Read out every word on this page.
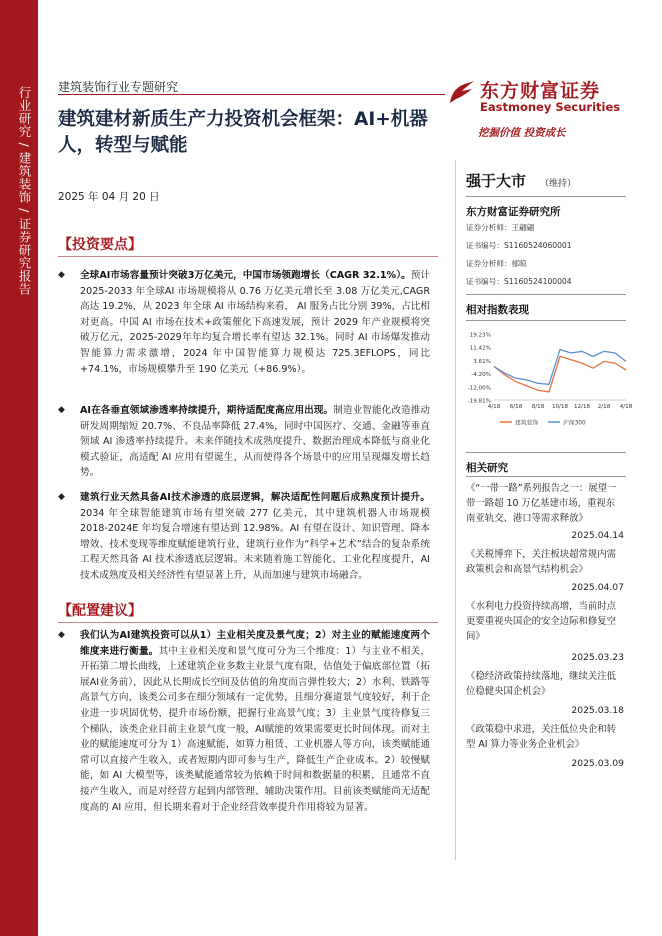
行业研究 / 建筑装饰 / 证券研究报告 建筑装饰行业专题研究	东方财富证券
Eastmoney Securities
挖掘价值 投资成长
建筑建材新质生产力投资机会框架：AI+机器人，转型与赋能
2025 年 04 月 20 日
【投资要点】
◆ 全球AI市场容量预计突破3万亿美元，中国市场领跑增长（CAGR 32.1%）。预计 2025-2033 年全球AI 市场规模将从 0.76 万亿美元增长至 3.08 万亿美元,CAGR 高达 19.2%，从 2023 年全球 AI 市场结构来看， AI 服务占比分别 39%，占比相对更高。中国 AI 市场在技术+政策催化下高速发展，预计 2029 年产业规模将突破万亿元，2025-2029年年均复合增长率有望达 32.1%。同时 AI 市场爆发推动智能算力需求激增，2024 年中国智能算力规模达 725.3EFLOPS，同比+74.1%，市场规模攀升至 190 亿美元（+86.9%）。
◆ AI在各垂直领域渗透率持续提升，期待适配度高应用出现。制造业智能化改造推动研发周期缩短 20.7%、不良品率降低 27.4%，同时中国医疗、交通、金融等垂直领域 AI 渗透率持续提升。未来伴随技术成熟度提升、数据治理成本降低与商业化模式验证，高适配 AI 应用有望诞生，从而使得各个场景中的应用呈现爆发增长趋势。
◆ 建筑行业天然具备AI技术渗透的底层逻辑，解决适配性问题后成熟度预计提升。2034 年全球智能建筑市场有望突破 277 亿美元，其中建筑机器人市场规模 2018-2024E 年均复合增速有望达到 12.98%。AI 有望在设计、知识管理、降本增效、技术变现等维度赋能建筑行业，建筑行业作为“科学+艺术”结合的复杂系统工程天然具备 AI 技术渗透底层逻辑。未来随着施工智能化、工业化程度提升，AI 技术成熟度及相关经济性有望显著上升，从而加速与建筑市场融合。
【配置建议】
◆ 我们认为AI建筑投资可以从1）主业相关度及景气度；2）对主业的赋能速度两个维度来进行衡量。其中主业相关度和景气度可分为三个维度：1）与主业不相关，开拓第二增长曲线，上述建筑企业多数主业景气度有限，估值处于偏底部位置（拓展AI业务前），因此从长期成长空间及估值的角度而言弹性较大；2）水利、铁路等高景气方向，该类公司多在细分领域有一定优势，且细分赛道景气度较好，利于企业进一步巩固优势，提升市场份额，把握行业高景气度；3）主业景气度待修复三个梯队，该类企业目前主业景气度一般，AI赋能的效果需要更长时间体现。而对主业的赋能速度可分为 1）高速赋能，如算力租赁、工业机器人等方向，该类赋能通常可以直接产生收入，或者短期内即可参与生产，降低生产企业成本。2）较慢赋能，如 AI 大模型等，该类赋能通常较为依赖于时间和数据量的积累，且通常不直接产生收入，而是对经营方起到内部管理、辅助决策作用。目前该类赋能尚无适配度高的 AI 应用，但长期来看对于企业经营效率提升作用将较为显著。
强于大市 （维持）
东方财富证券研究所
证券分析师：王翩翩
证书编号：S1160524060001
证券分析师：郁晾
证书编号：S1160524100004
相对指数表现
19.23%
11.42%
3.61%
-4.20%
-12.00%
-19.81%
4/18 6/18 8/18 10/18 12/18 2/18 4/18
建筑装饰	沪深300
相关研究
《“一带一路”系列报告之一：展望一带一路超 10 万亿基建市场，重视东南亚轨交、港口等需求释放》
2025.04.14
《关税博弈下，关注板块超常规内需政策机会和高景气结构机会》
2025.04.07
《水利电力投资持续高增，当前时点更要重视央国企的安全边际和修复空间》
2025.03.23
《稳经济政策持续落地，继续关注低位稳健央国企机会》
2025.03.18
《政策稳中求进，关注低位央企和转型 AI 算力等业务企业机会》
2025.03.09
